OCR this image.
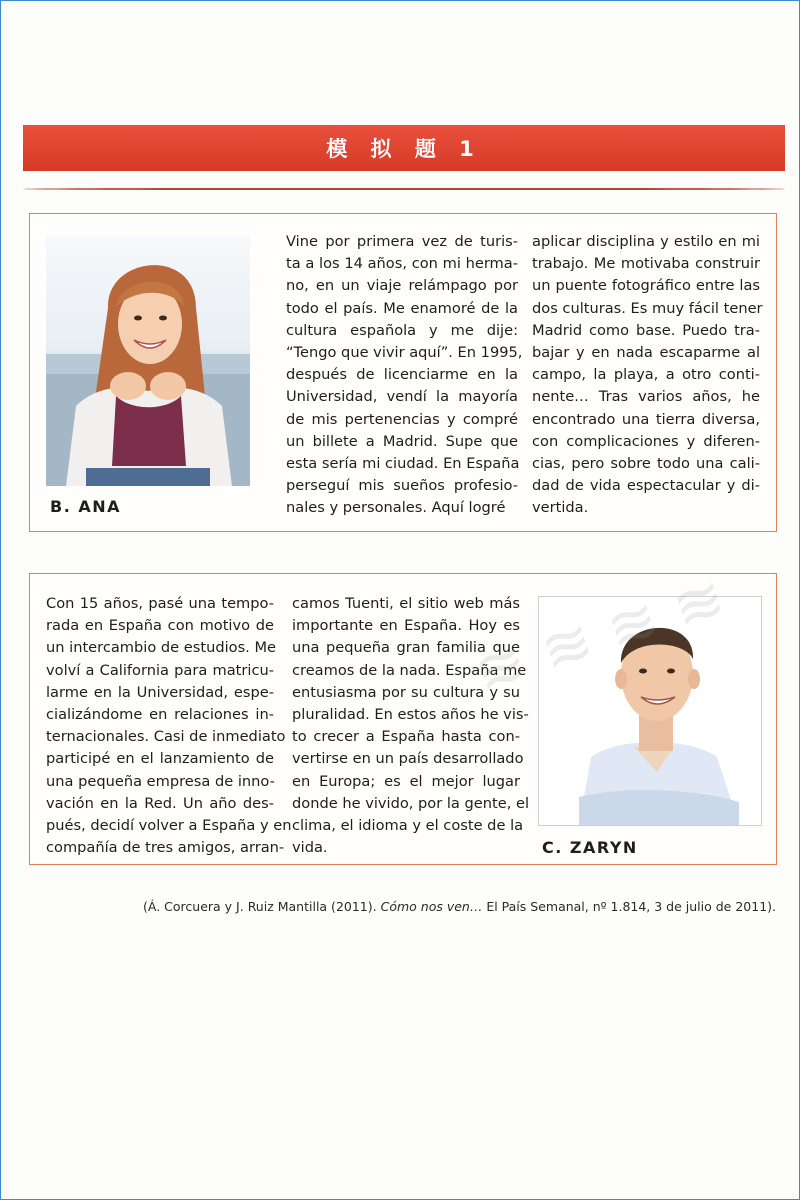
模 拟 题 1
B. ANA
Vine por primera vez de turis-
ta a los 14 años, con mi herma-
no, en un viaje relámpago por
todo el país. Me enamoré de la
cultura española y me dije:
“Tengo que vivir aquí”. En 1995,
después de licenciarme en la
Universidad, vendí la mayoría
de mis pertenencias y compré
un billete a Madrid. Supe que
esta sería mi ciudad. En España
perseguí mis sueños profesio-
nales y personales. Aquí logré
aplicar disciplina y estilo en mi
trabajo. Me motivaba construir
un puente fotográfico entre las
dos culturas. Es muy fácil tener
Madrid como base. Puedo tra-
bajar y en nada escaparme al
campo, la playa, a otro conti-
nente… Tras varios años, he
encontrado una tierra diversa,
con complicaciones y diferen-
cias, pero sobre todo una cali-
dad de vida espectacular y di-
vertida.
Con 15 años, pasé una tempo-
rada en España con motivo de
un intercambio de estudios. Me
volví a California para matricu-
larme en la Universidad, espe-
cializándome en relaciones in-
ternacionales. Casi de inmediato
participé en el lanzamiento de
una pequeña empresa de inno-
vación en la Red. Un año des-
pués, decidí volver a España y en
compañía de tres amigos, arran-
camos Tuenti, el sitio web más
importante en España. Hoy es
una pequeña gran familia que
creamos de la nada. España me
entusiasma por su cultura y su
pluralidad. En estos años he vis-
to crecer a España hasta con-
vertirse en un país desarrollado
en Europa; es el mejor lugar
donde he vivido, por la gente, el
clima, el idioma y el coste de la
vida.	C. ZARYN
(Á. Corcuera y J. Ruiz Mantilla (2011). Cómo nos ven… El País Semanal, nº 1.814, 3 de julio de 2011).
